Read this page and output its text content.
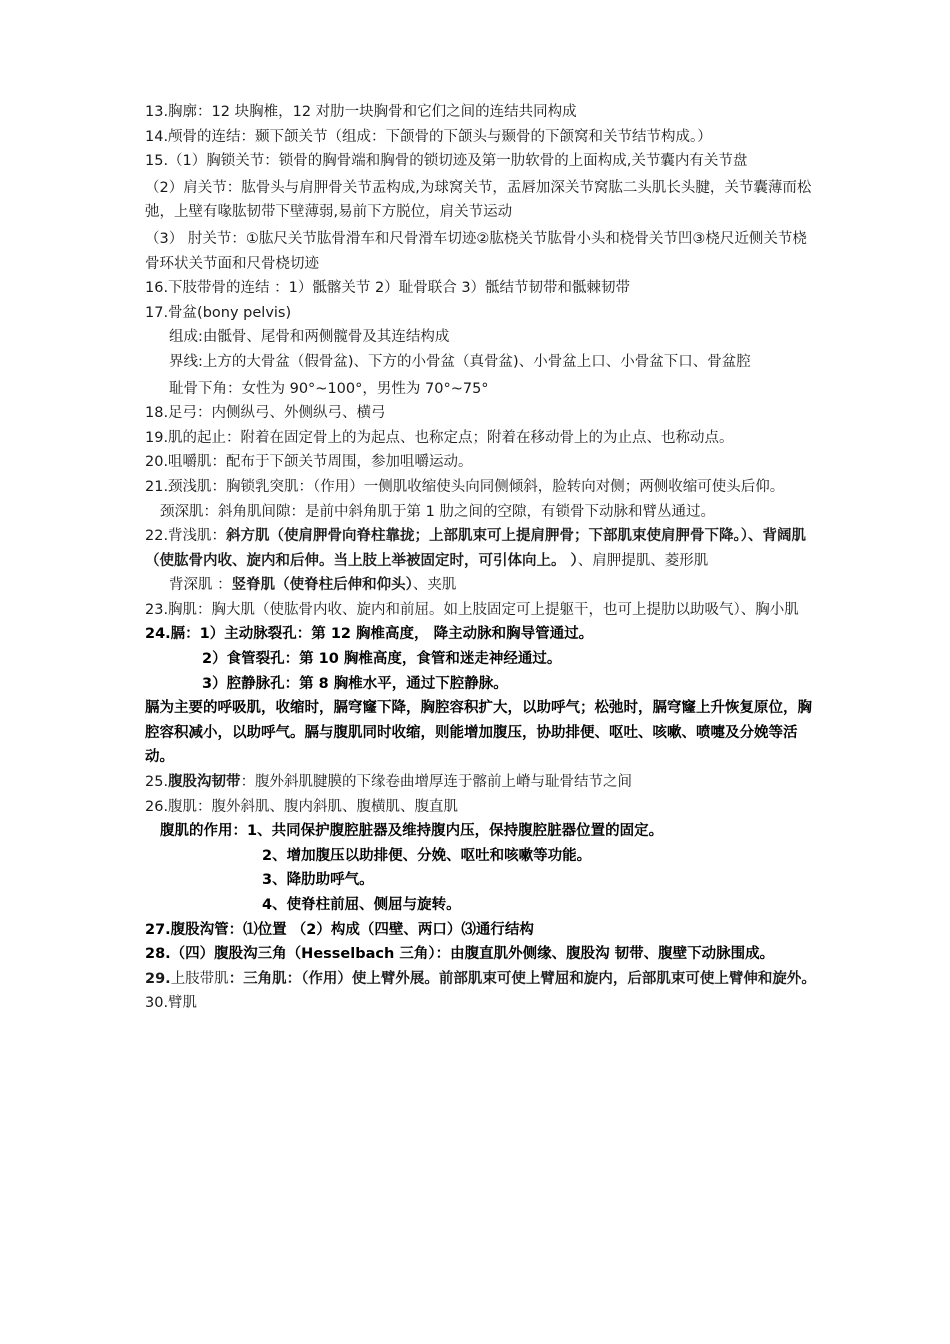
13.胸廓：12 块胸椎，12 对肋一块胸骨和它们之间的连结共同构成

14.颅骨的连结：颞下颌关节（组成：下颌骨的下颌头与颞骨的下颌窝和关节结节构成。）

15.（1）胸锁关节：锁骨的胸骨端和胸骨的锁切迹及第一肋软骨的上面构成,关节囊内有关节盘

（2）肩关节：肱骨头与肩胛骨关节盂构成,为球窝关节，盂唇加深关节窝肱二头肌长头腱，关节囊薄而松弛，上壁有喙肱韧带下壁薄弱,易前下方脱位，肩关节运动

（3） 肘关节：①肱尺关节肱骨滑车和尺骨滑车切迹②肱桡关节肱骨小头和桡骨关节凹③桡尺近侧关节桡骨环状关节面和尺骨桡切迹

16.下肢带骨的连结 ：1）骶髂关节 2）耻骨联合 3）骶结节韧带和骶棘韧带

17.骨盆(bony pelvis)

组成:由骶骨、尾骨和两侧髋骨及其连结构成

界线:上方的大骨盆（假骨盆)、下方的小骨盆（真骨盆)、小骨盆上口、小骨盆下口、骨盆腔

耻骨下角：女性为 90°~100°，男性为 70°~75°

18.足弓：内侧纵弓、外侧纵弓、横弓

19.肌的起止：附着在固定骨上的为起点、也称定点；附着在移动骨上的为止点、也称动点。

20.咀嚼肌：配布于下颌关节周围，参加咀嚼运动。

21.颈浅肌：胸锁乳突肌：（作用）一侧肌收缩使头向同侧倾斜，脸转向对侧；两侧收缩可使头后仰。

颈深肌：斜角肌间隙：是前中斜角肌于第 1 肋之间的空隙，有锁骨下动脉和臂丛通过。

22.背浅肌：斜方肌（使肩胛骨向脊柱靠拢；上部肌束可上提肩胛骨；下部肌束使肩胛骨下降。）、背阔肌（使肱骨内收、旋内和后伸。当上肢上举被固定时，可引体向上。 ）、肩胛提肌、菱形肌

背深肌 ：竖脊肌（使脊柱后伸和仰头）、夹肌

23.胸肌：胸大肌（使肱骨内收、旋内和前屈。如上肢固定可上提躯干，也可上提肋以助吸气）、胸小肌

24.膈：1）主动脉裂孔：第 12 胸椎高度， 降主动脉和胸导管通过。

2）食管裂孔：第 10 胸椎高度，食管和迷走神经通过。

3）腔静脉孔：第 8 胸椎水平，通过下腔静脉。

膈为主要的呼吸肌，收缩时，膈穹窿下降，胸腔容积扩大，以助呼气；松弛时，膈穹窿上升恢复原位，胸腔容积减小，以助呼气。膈与腹肌同时收缩，则能增加腹压，协助排便、呕吐、咳嗽、喷嚏及分娩等活动。

25.腹股沟韧带：腹外斜肌腱膜的下缘卷曲增厚连于髂前上嵴与耻骨结节之间

26.腹肌：腹外斜肌、腹内斜肌、腹横肌、腹直肌

腹肌的作用：1、共同保护腹腔脏器及维持腹内压，保持腹腔脏器位置的固定。

2、增加腹压以助排便、分娩、呕吐和咳嗽等功能。

3、降肋助呼气。

4、使脊柱前屈、侧屈与旋转。

27.腹股沟管：⑴位置 （2）构成（四壁、两口）⑶通行结构

28.（四）腹股沟三角（Hesselbach 三角）：由腹直肌外侧缘、腹股沟 韧带、腹壁下动脉围成。

29.上肢带肌：三角肌：（作用）使上臂外展。前部肌束可使上臂屈和旋内，后部肌束可使上臂伸和旋外。

30.臂肌
